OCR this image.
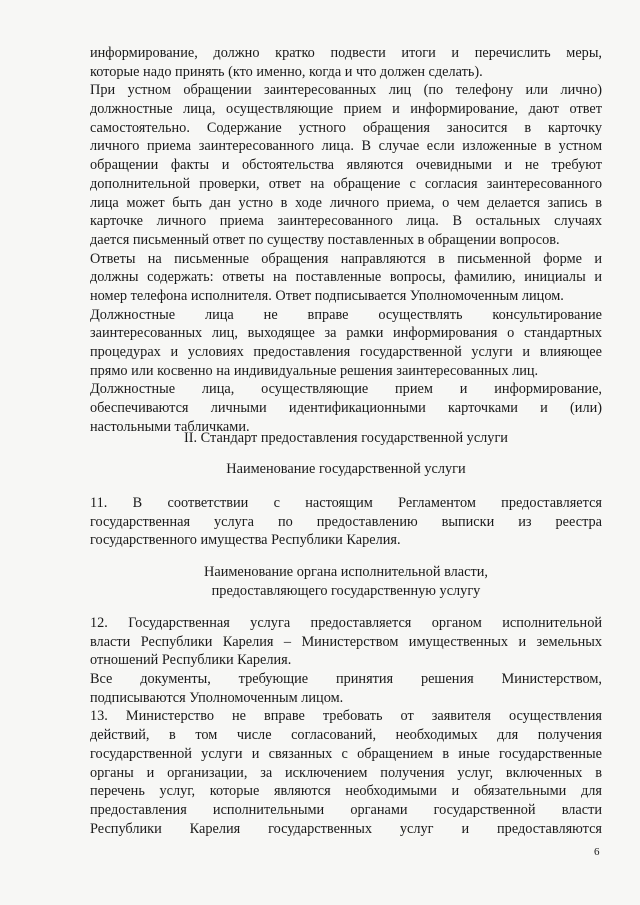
информирование, должно кратко подвести итоги и перечислить меры,
которые надо принять (кто именно, когда и что должен сделать).
При устном обращении заинтересованных лиц (по телефону или лично)
должностные лица, осуществляющие прием и информирование, дают ответ
самостоятельно. Содержание устного обращения заносится в карточку
личного приема заинтересованного лица. В случае если изложенные в устном
обращении факты и обстоятельства являются очевидными и не требуют
дополнительной проверки, ответ на обращение с согласия заинтересованного
лица может быть дан устно в ходе личного приема, о чем делается запись в
карточке личного приема заинтересованного лица. В остальных случаях
дается письменный ответ по существу поставленных в обращении вопросов.
Ответы на письменные обращения направляются в письменной форме и
должны содержать: ответы на поставленные вопросы, фамилию, инициалы и
номер телефона исполнителя. Ответ подписывается Уполномоченным лицом.
Должностные лица не вправе осуществлять консультирование
заинтересованных лиц, выходящее за рамки информирования о стандартных
процедурах и условиях предоставления государственной услуги и влияющее
прямо или косвенно на индивидуальные решения заинтересованных лиц.
Должностные лица, осуществляющие прием и информирование,
обеспечиваются личными идентификационными карточками и (или)
настольными табличками.
II. Стандарт предоставления государственной услуги
Наименование государственной услуги
11. В соответствии с настоящим Регламентом предоставляется
государственная услуга по предоставлению выписки из реестра
государственного имущества Республики Карелия.
Наименование органа исполнительной власти,
предоставляющего государственную услугу
12. Государственная услуга предоставляется органом исполнительной
власти Республики Карелия – Министерством имущественных и земельных
отношений Республики Карелия.
Все документы, требующие принятия решения Министерством,
подписываются Уполномоченным лицом.
13. Министерство не вправе требовать от заявителя осуществления
действий, в том числе согласований, необходимых для получения
государственной услуги и связанных с обращением в иные государственные
органы и организации, за исключением получения услуг, включенных в
перечень услуг, которые являются необходимыми и обязательными для
предоставления исполнительными органами государственной власти
Республики Карелия государственных услуг и предоставляются
6
